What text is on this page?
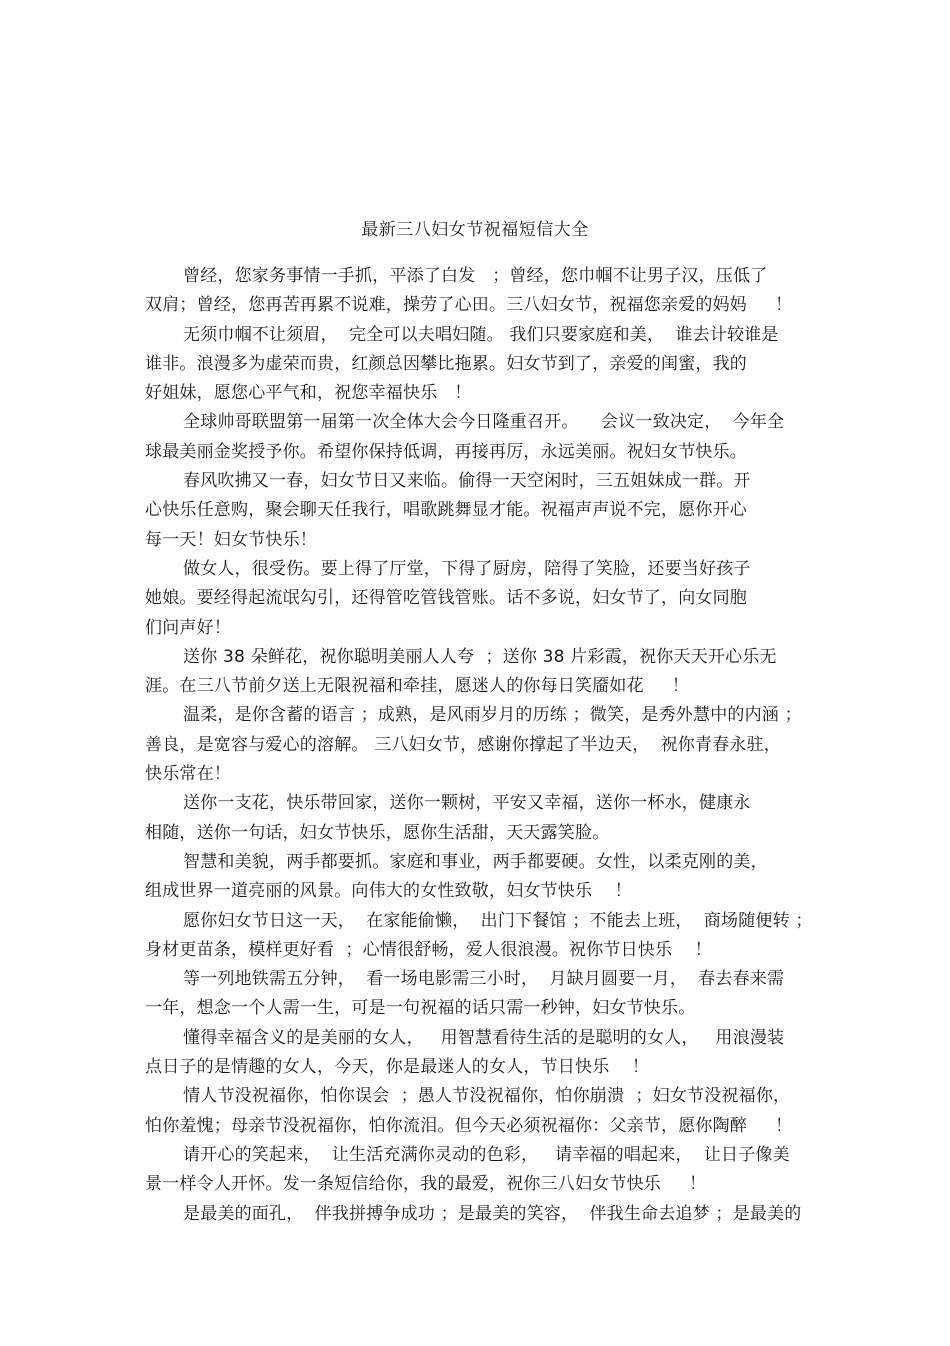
最新三八妇女节祝福短信大全
曾经，您家务事情一手抓，平添了白发   ；曾经，您巾帼不让男子汉，压低了
双肩；曾经，您再苦再累不说难，操劳了心田。三八妇女节，祝福您亲爱的妈妈     ！
无须巾帼不让须眉，  完全可以夫唱妇随。 我们只要家庭和美，  谁去计较谁是
谁非。浪漫多为虚荣而贵，红颜总因攀比拖累。妇女节到了，亲爱的闺蜜，我的
好姐妹，愿您心平气和，祝您幸福快乐   ！
全球帅哥联盟第一届第一次全体大会今日隆重召开。    会议一致决定，  今年全
球最美丽金奖授予你。希望你保持低调，再接再厉，永远美丽。祝妇女节快乐。
春风吹拂又一春，妇女节日又来临。偷得一天空闲时，三五姐妹成一群。开
心快乐任意购，聚会聊天任我行，唱歌跳舞显才能。祝福声声说不完，愿你开心
每一天！妇女节快乐！
做女人，很受伤。要上得了厅堂，下得了厨房，陪得了笑脸，还要当好孩子
她娘。要经得起流氓勾引，还得管吃管钱管账。话不多说，妇女节了，向女同胞
们问声好！
送你 38 朵鲜花，祝你聪明美丽人人夸  ；送你 38 片彩霞，祝你天天开心乐无
涯。在三八节前夕送上无限祝福和牵挂，愿迷人的你每日笑靥如花     ！
温柔，是你含蓄的语言 ；成熟，是风雨岁月的历练 ；微笑，是秀外慧中的内涵 ；
善良，是宽容与爱心的溶解。 三八妇女节，感谢你撑起了半边天，  祝你青春永驻，
快乐常在！
送你一支花，快乐带回家，送你一颗树，平安又幸福，送你一杯水，健康永
相随，送你一句话，妇女节快乐，愿你生活甜，天天露笑脸。
智慧和美貌，两手都要抓。家庭和事业，两手都要硬。女性，以柔克刚的美，
组成世界一道亮丽的风景。向伟大的女性致敬，妇女节快乐    ！
愿你妇女节日这一天，  在家能偷懒，  出门下餐馆 ；不能去上班，  商场随便转 ；
身材更苗条，模样更好看  ；心情很舒畅，爱人很浪漫。祝你节日快乐    ！
等一列地铁需五分钟，  看一场电影需三小时，  月缺月圆要一月，  春去春来需
一年，想念一个人需一生，可是一句祝福的话只需一秒钟，妇女节快乐。
懂得幸福含义的是美丽的女人，   用智慧看待生活的是聪明的女人，   用浪漫装
点日子的是情趣的女人，今天，你是最迷人的女人，节日快乐    ！
情人节没祝福你，怕你误会  ；愚人节没祝福你，怕你崩溃  ；妇女节没祝福你，
怕你羞愧；母亲节没祝福你，怕你流泪。但今天必须祝福你：父亲节，愿你陶醉     ！
请开心的笑起来，  让生活充满你灵动的色彩，   请幸福的唱起来，  让日子像美
景一样令人开怀。发一条短信给你，我的最爱，祝你三八妇女节快乐     ！
是最美的面孔，  伴我拼搏争成功 ；是最美的笑容，  伴我生命去追梦 ；是最美的
